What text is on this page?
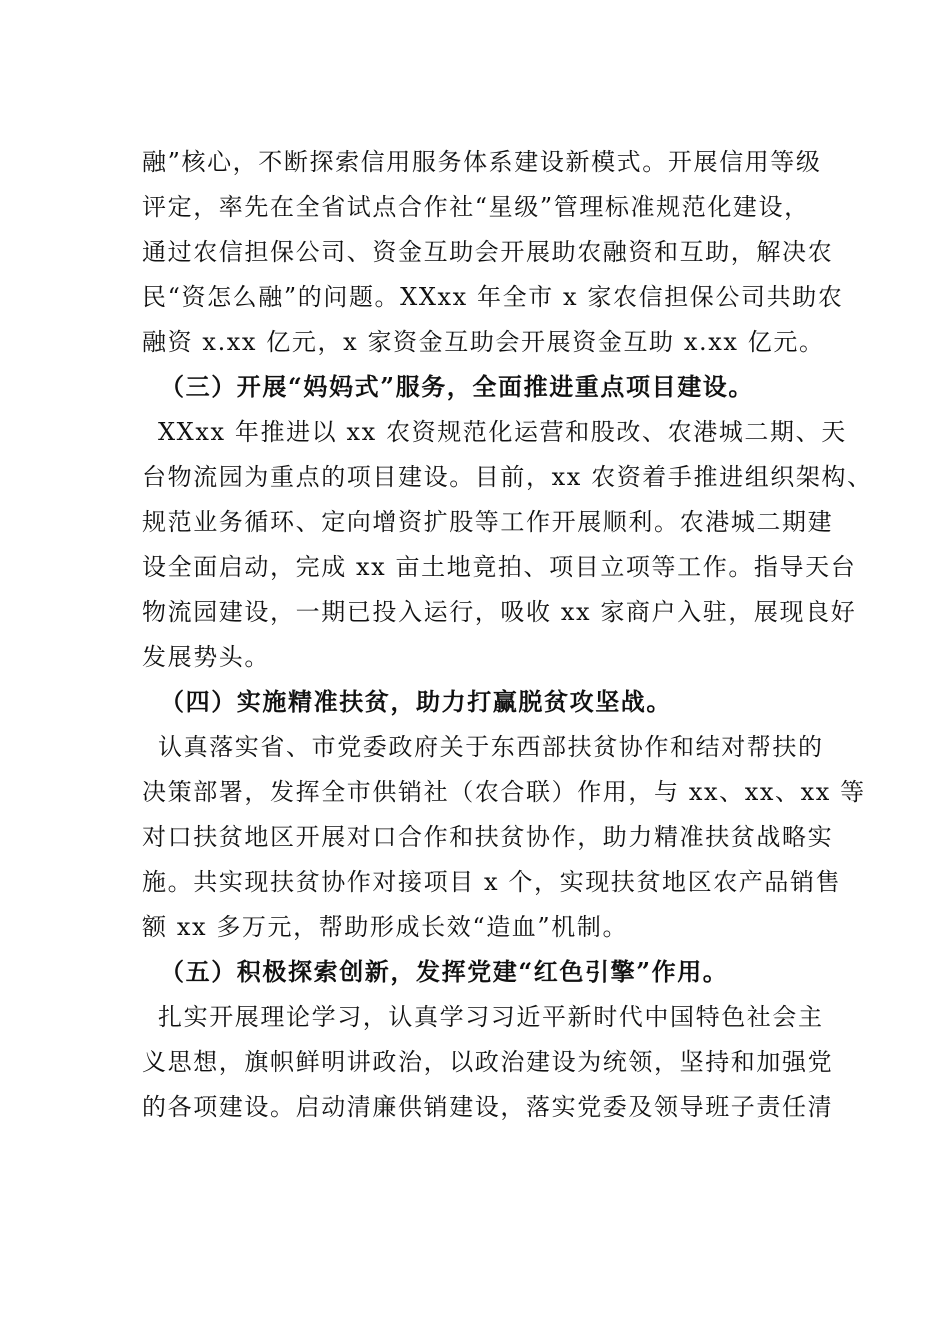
融”核心，不断探索信用服务体系建设新模式。开展信用等级
评定，率先在全省试点合作社“星级”管理标准规范化建设，
通过农信担保公司、资金互助会开展助农融资和互助，解决农
民“资怎么融”的问题。XXxx 年全市 x 家农信担保公司共助农
融资 x.xx 亿元，x 家资金互助会开展资金互助 x.xx 亿元。
（三）开展“妈妈式”服务，全面推进重点项目建设。
XXxx 年推进以 xx 农资规范化运营和股改、农港城二期、天
台物流园为重点的项目建设。目前，xx 农资着手推进组织架构、
规范业务循环、定向增资扩股等工作开展顺利。农港城二期建
设全面启动，完成 xx 亩土地竟拍、项目立项等工作。指导天台
物流园建设，一期已投入运行，吸收 xx 家商户入驻，展现良好
发展势头。
（四）实施精准扶贫，助力打赢脱贫攻坚战。
认真落实省、市党委政府关于东西部扶贫协作和结对帮扶的
决策部署，发挥全市供销社（农合联）作用，与 xx、xx、xx 等
对口扶贫地区开展对口合作和扶贫协作，助力精准扶贫战略实
施。共实现扶贫协作对接项目 x 个，实现扶贫地区农产品销售
额 xx 多万元，帮助形成长效“造血”机制。
（五）积极探索创新，发挥党建“红色引擎”作用。
扎实开展理论学习，认真学习习近平新时代中国特色社会主
义思想，旗帜鲜明讲政治，以政治建设为统领，坚持和加强党
的各项建设。启动清廉供销建设，落实党委及领导班子责任清
